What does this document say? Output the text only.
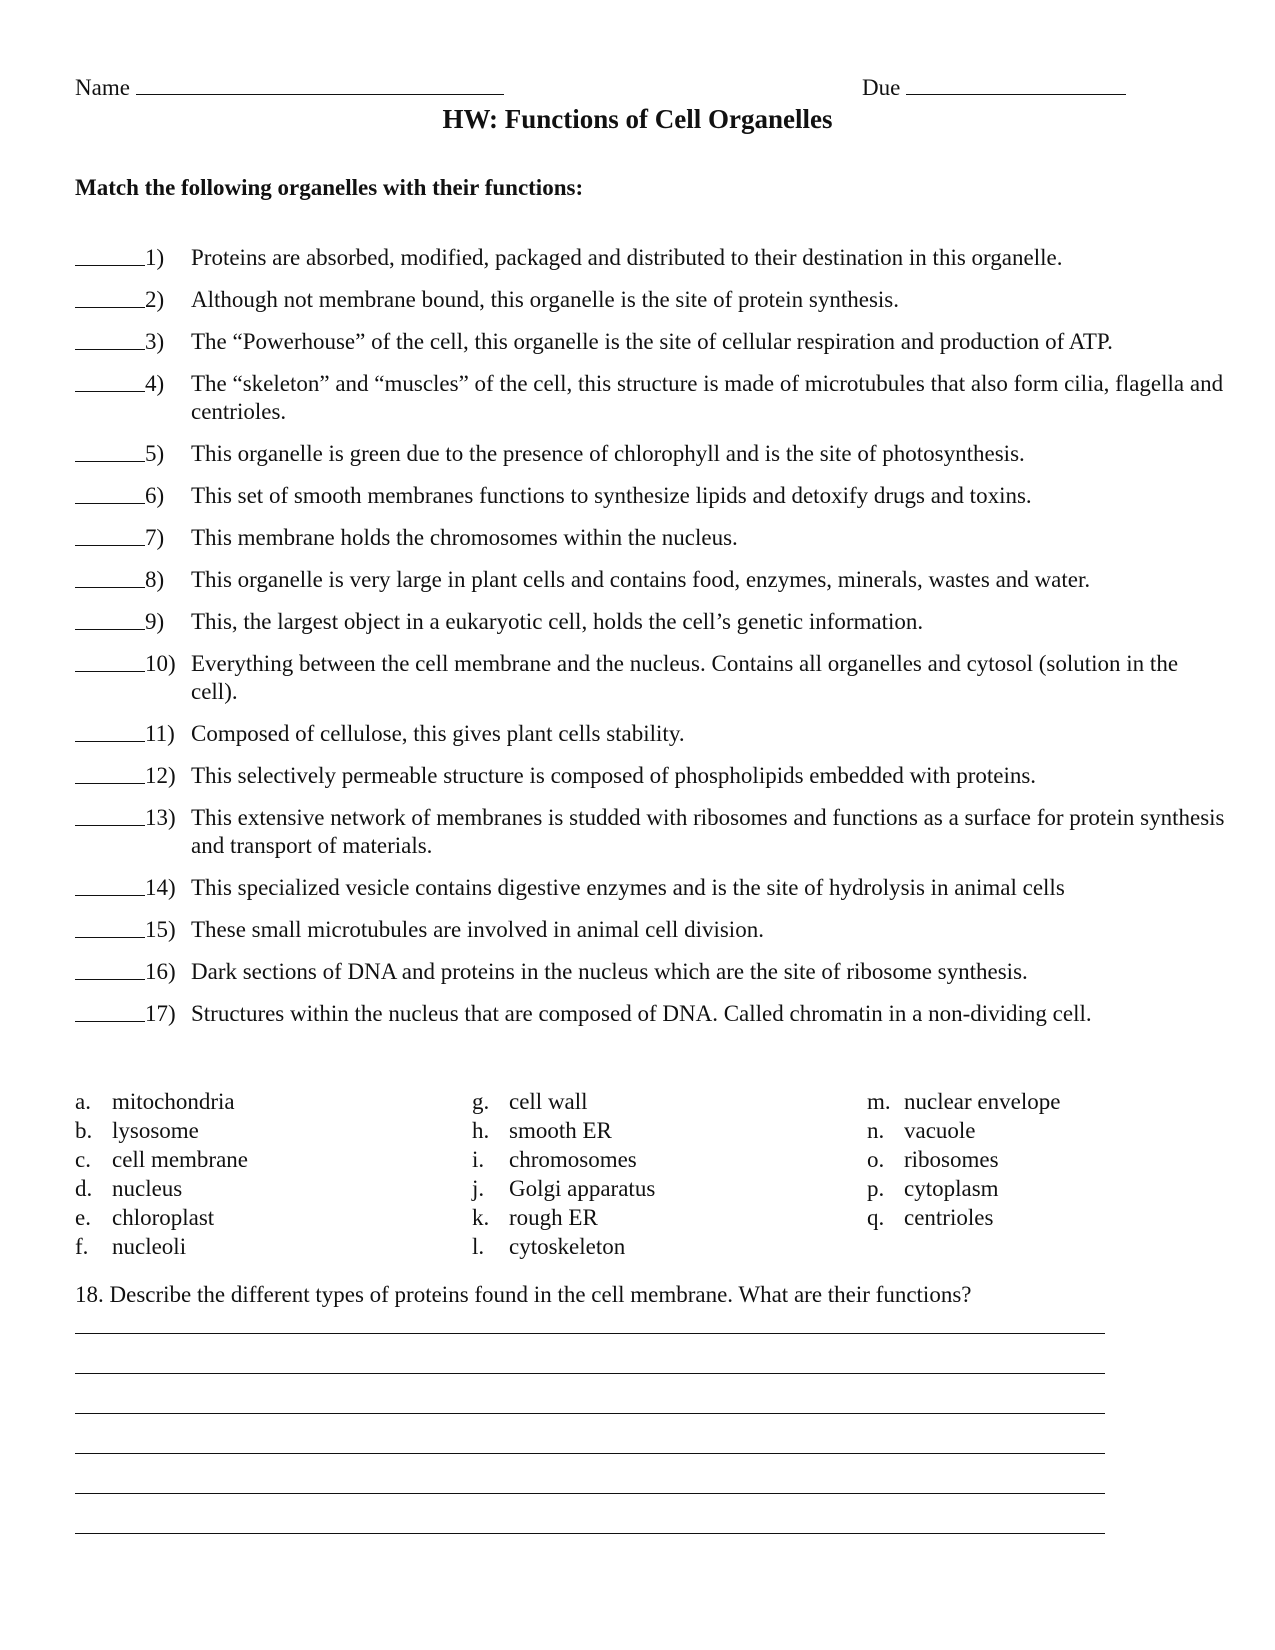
Name	Due
HW: Functions of Cell Organelles
Match the following organelles with their functions:
1)	Proteins are absorbed, modified, packaged and distributed to their destination in this organelle.
2)	Although not membrane bound, this organelle is the site of protein synthesis.
3)	The “Powerhouse” of the cell, this organelle is the site of cellular respiration and production of ATP.
4)	The “skeleton” and “muscles” of the cell, this structure is made of microtubules that also form cilia, flagella and centrioles.
5)	This organelle is green due to the presence of chlorophyll and is the site of photosynthesis.
6)	This set of smooth membranes functions to synthesize lipids and detoxify drugs and toxins.
7)	This membrane holds the chromosomes within the nucleus.
8)	This organelle is very large in plant cells and contains food, enzymes, minerals, wastes and water.
9)	This, the largest object in a eukaryotic cell, holds the cell’s genetic information.
10) Everything between the cell membrane and the nucleus. Contains all organelles and cytosol (solution in the cell).
11) Composed of cellulose, this gives plant cells stability.
12) This selectively permeable structure is composed of phospholipids embedded with proteins.
13) This extensive network of membranes is studded with ribosomes and functions as a surface for protein synthesis and transport of materials.
14) This specialized vesicle contains digestive enzymes and is the site of hydrolysis in animal cells
15) These small microtubules are involved in animal cell division.
16) Dark sections of DNA and proteins in the nucleus which are the site of ribosome synthesis.
17) Structures within the nucleus that are composed of DNA. Called chromatin in a non-dividing cell.
a. mitochondria
b. lysosome
c. cell membrane
d. nucleus
e. chloroplast
f. nucleoli
g. cell wall
h. smooth ER
i. chromosomes
j. Golgi apparatus
k. rough ER
l. cytoskeleton
m. nuclear envelope
n. vacuole
o. ribosomes
p. cytoplasm
q. centrioles
18. Describe the different types of proteins found in the cell membrane. What are their functions?
